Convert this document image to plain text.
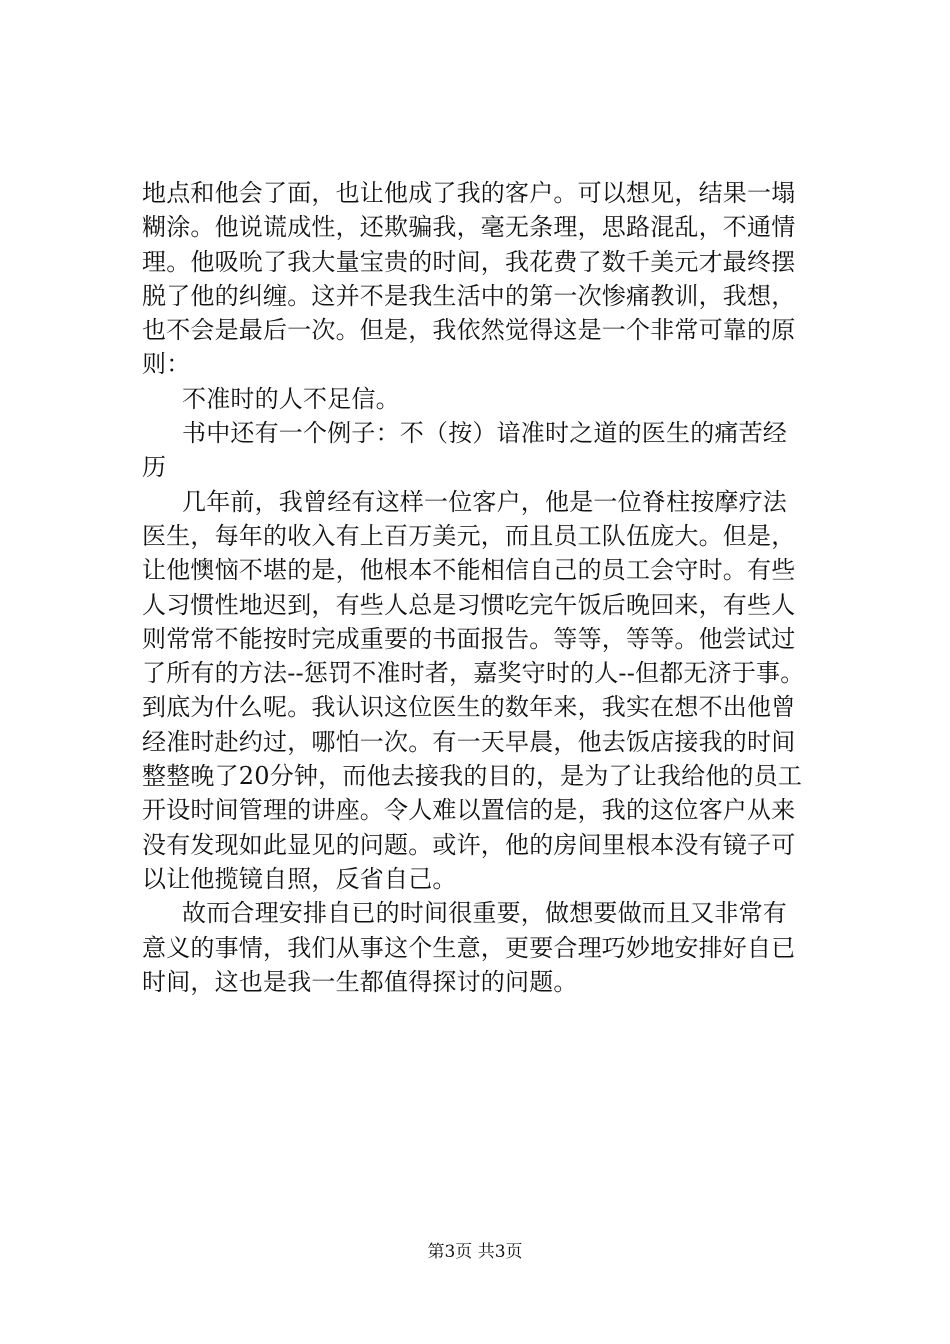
地点和他会了面，也让他成了我的客户。可以想见，结果一塌
糊涂。他说谎成性，还欺骗我，毫无条理，思路混乱，不通情
理。他吸吮了我大量宝贵的时间，我花费了数千美元才最终摆
脱了他的纠缠。这并不是我生活中的第一次惨痛教训，我想，
也不会是最后一次。但是，我依然觉得这是一个非常可靠的原
则：
不准时的人不足信。
书中还有一个例子：不（按）谙准时之道的医生的痛苦经
历
几年前，我曾经有这样一位客户，他是一位脊柱按摩疗法
医生，每年的收入有上百万美元，而且员工队伍庞大。但是，
让他懊恼不堪的是，他根本不能相信自己的员工会守时。有些
人习惯性地迟到，有些人总是习惯吃完午饭后晚回来，有些人
则常常不能按时完成重要的书面报告。等等，等等。他尝试过
了所有的方法--惩罚不准时者，嘉奖守时的人--但都无济于事。
到底为什么呢。我认识这位医生的数年来，我实在想不出他曾
经准时赴约过，哪怕一次。有一天早晨，他去饭店接我的时间
整整晚了20分钟，而他去接我的目的，是为了让我给他的员工
开设时间管理的讲座。令人难以置信的是，我的这位客户从来
没有发现如此显见的问题。或许，他的房间里根本没有镜子可
以让他揽镜自照，反省自己。
故而合理安排自已的时间很重要，做想要做而且又非常有
意义的事情，我们从事这个生意，更要合理巧妙地安排好自已
时间，这也是我一生都值得探讨的问题。
第3页 共3页
